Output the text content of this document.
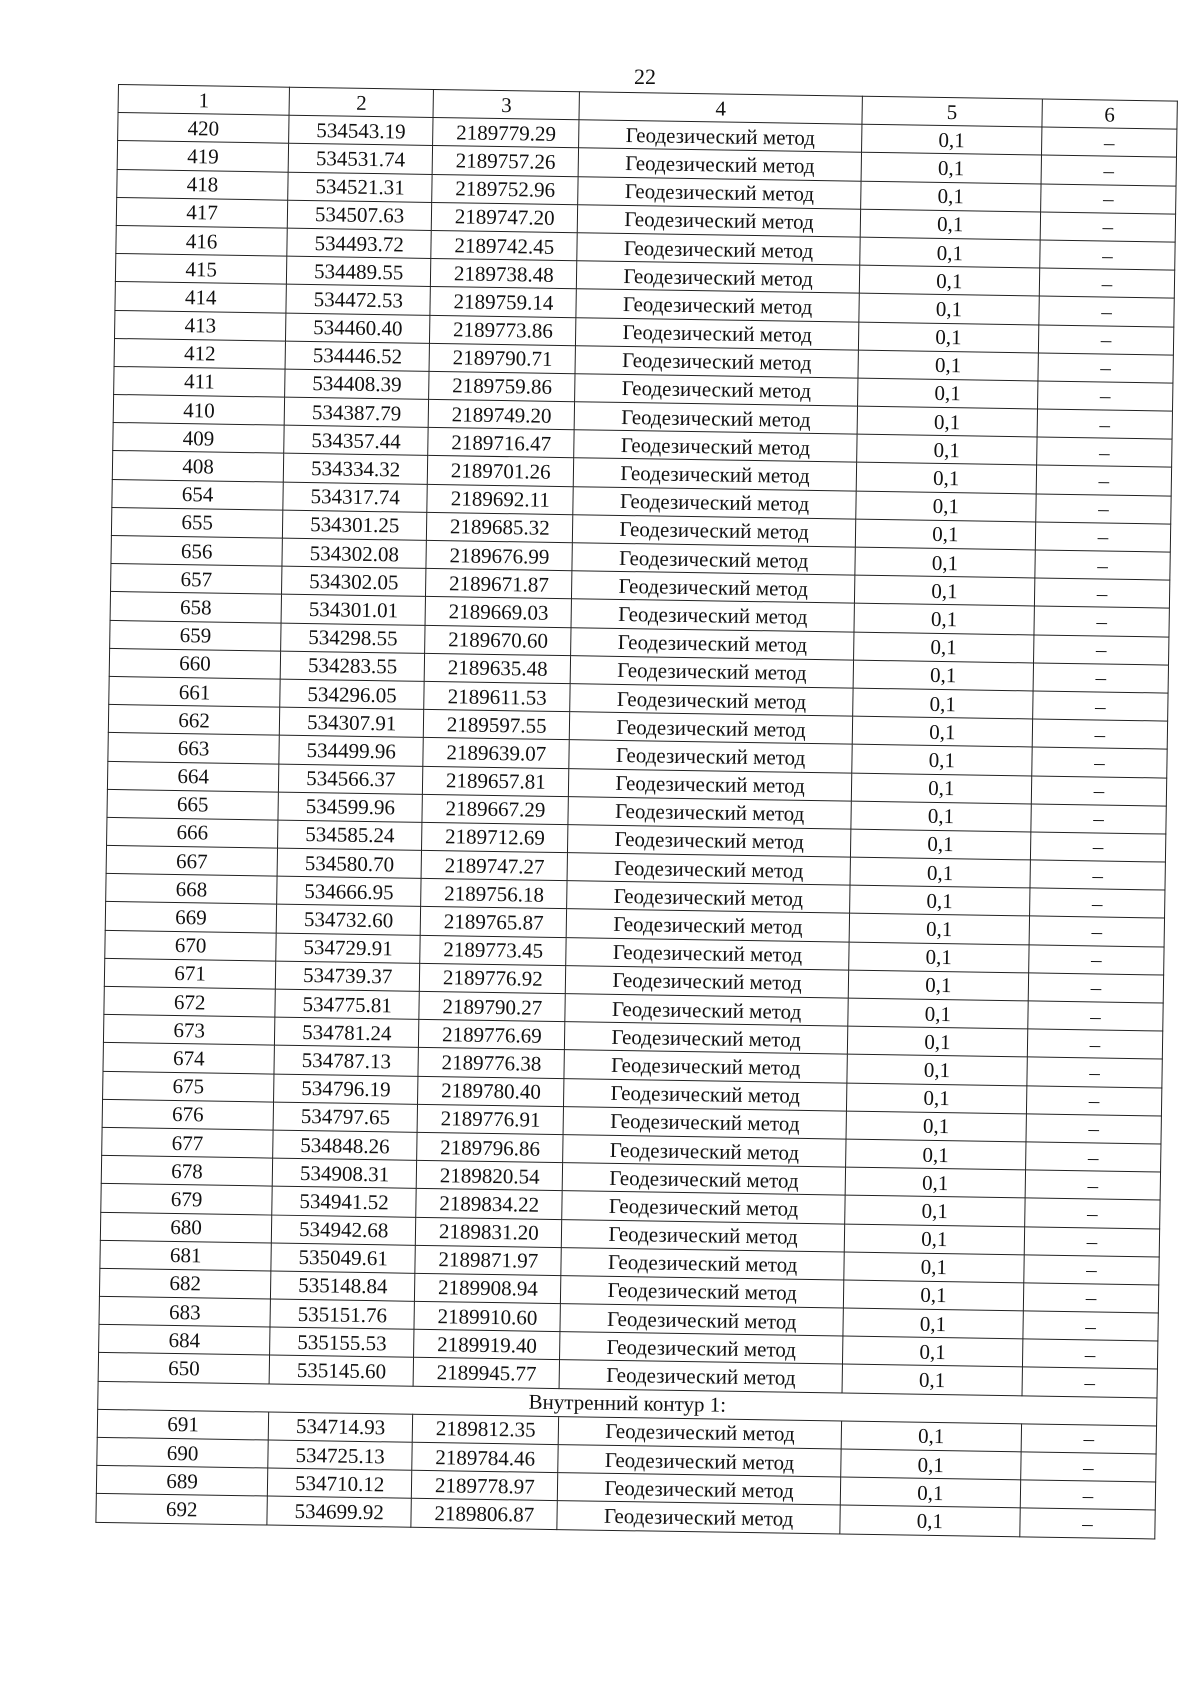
22
1	2	3	4	5	6
420	534543.19	2189779.29	Геодезический метод	0,1	–
419	534531.74	2189757.26	Геодезический метод	0,1	–
418	534521.31	2189752.96	Геодезический метод	0,1	–
417	534507.63	2189747.20	Геодезический метод	0,1	–
416	534493.72	2189742.45	Геодезический метод	0,1	–
415	534489.55	2189738.48	Геодезический метод	0,1	–
414	534472.53	2189759.14	Геодезический метод	0,1	–
413	534460.40	2189773.86	Геодезический метод	0,1	–
412	534446.52	2189790.71	Геодезический метод	0,1	–
411	534408.39	2189759.86	Геодезический метод	0,1	–
410	534387.79	2189749.20	Геодезический метод	0,1	–
409	534357.44	2189716.47	Геодезический метод	0,1	–
408	534334.32	2189701.26	Геодезический метод	0,1	–
654	534317.74	2189692.11	Геодезический метод	0,1	–
655	534301.25	2189685.32	Геодезический метод	0,1	–
656	534302.08	2189676.99	Геодезический метод	0,1	–
657	534302.05	2189671.87	Геодезический метод	0,1	–
658	534301.01	2189669.03	Геодезический метод	0,1	–
659	534298.55	2189670.60	Геодезический метод	0,1	–
660	534283.55	2189635.48	Геодезический метод	0,1	–
661	534296.05	2189611.53	Геодезический метод	0,1	–
662	534307.91	2189597.55	Геодезический метод	0,1	–
663	534499.96	2189639.07	Геодезический метод	0,1	–
664	534566.37	2189657.81	Геодезический метод	0,1	–
665	534599.96	2189667.29	Геодезический метод	0,1	–
666	534585.24	2189712.69	Геодезический метод	0,1	–
667	534580.70	2189747.27	Геодезический метод	0,1	–
668	534666.95	2189756.18	Геодезический метод	0,1	–
669	534732.60	2189765.87	Геодезический метод	0,1	–
670	534729.91	2189773.45	Геодезический метод	0,1	–
671	534739.37	2189776.92	Геодезический метод	0,1	–
672	534775.81	2189790.27	Геодезический метод	0,1	–
673	534781.24	2189776.69	Геодезический метод	0,1	–
674	534787.13	2189776.38	Геодезический метод	0,1	–
675	534796.19	2189780.40	Геодезический метод	0,1	–
676	534797.65	2189776.91	Геодезический метод	0,1	–
677	534848.26	2189796.86	Геодезический метод	0,1	–
678	534908.31	2189820.54	Геодезический метод	0,1	–
679	534941.52	2189834.22	Геодезический метод	0,1	–
680	534942.68	2189831.20	Геодезический метод	0,1	–
681	535049.61	2189871.97	Геодезический метод	0,1	–
682	535148.84	2189908.94	Геодезический метод	0,1	–
683	535151.76	2189910.60	Геодезический метод	0,1	–
684	535155.53	2189919.40	Геодезический метод	0,1	–
650	535145.60	2189945.77	Геодезический метод	0,1	–
Внутренний контур 1:					
691	534714.93	2189812.35	Геодезический метод	0,1	–
690	534725.13	2189784.46	Геодезический метод	0,1	–
689	534710.12	2189778.97	Геодезический метод	0,1	–
692	534699.92	2189806.87	Геодезический метод	0,1	–
